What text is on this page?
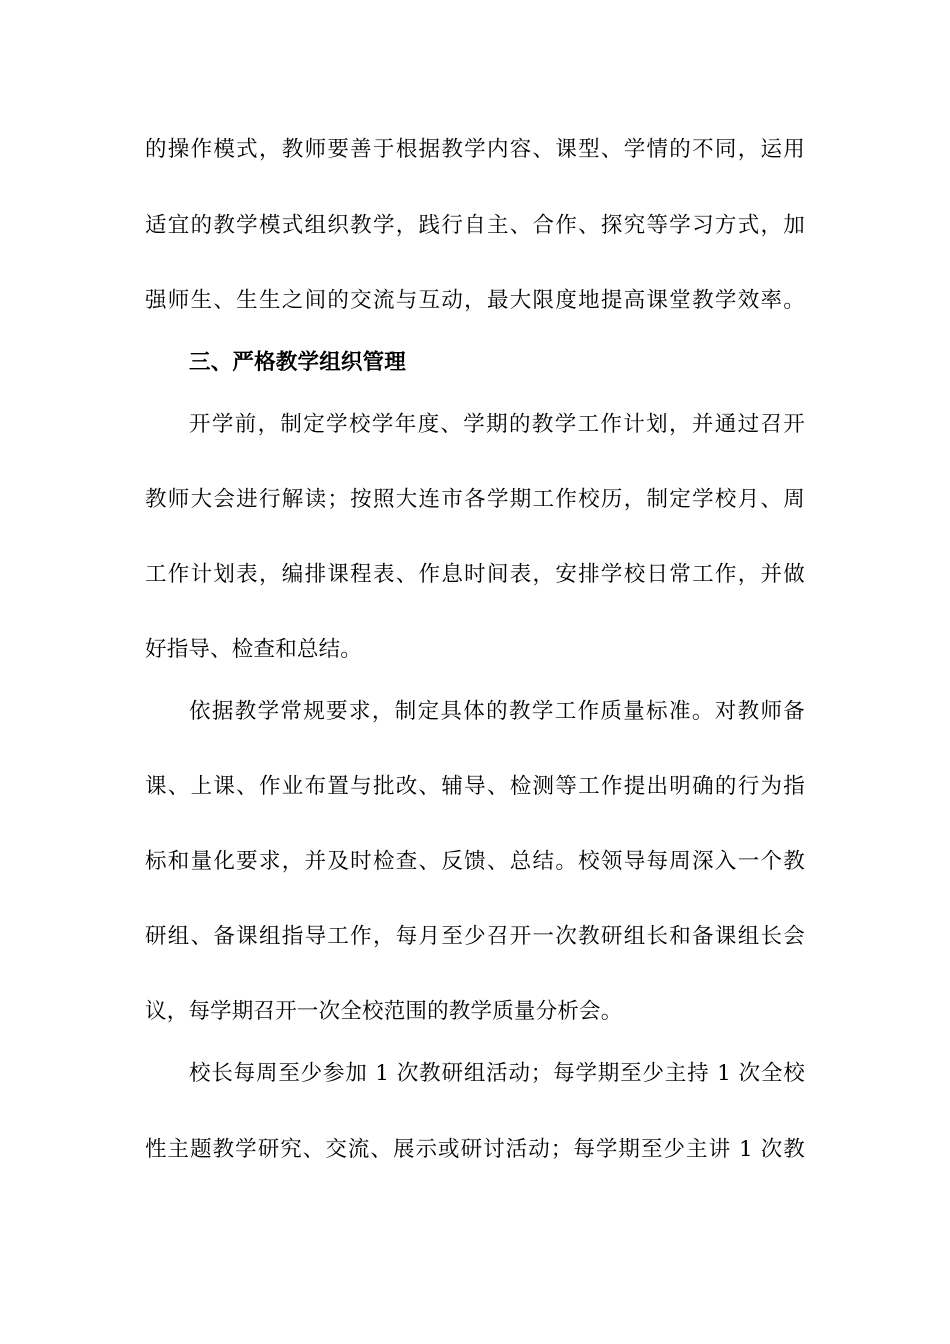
的操作模式，教师要善于根据教学内容、课型、学情的不同，运用
适宜的教学模式组织教学，践行自主、合作、探究等学习方式，加
强师生、生生之间的交流与互动，最大限度地提高课堂教学效率。
三、严格教学组织管理
开学前，制定学校学年度、学期的教学工作计划，并通过召开
教师大会进行解读；按照大连市各学期工作校历，制定学校月、周
工作计划表，编排课程表、作息时间表，安排学校日常工作，并做
好指导、检查和总结。
依据教学常规要求，制定具体的教学工作质量标准。对教师备
课、上课、作业布置与批改、辅导、检测等工作提出明确的行为指
标和量化要求，并及时检查、反馈、总结。校领导每周深入一个教
研组、备课组指导工作，每月至少召开一次教研组长和备课组长会
议，每学期召开一次全校范围的教学质量分析会。
校长每周至少参加 1 次教研组活动；每学期至少主持 1 次全校
性主题教学研究、交流、展示或研讨活动；每学期至少主讲 1 次教
